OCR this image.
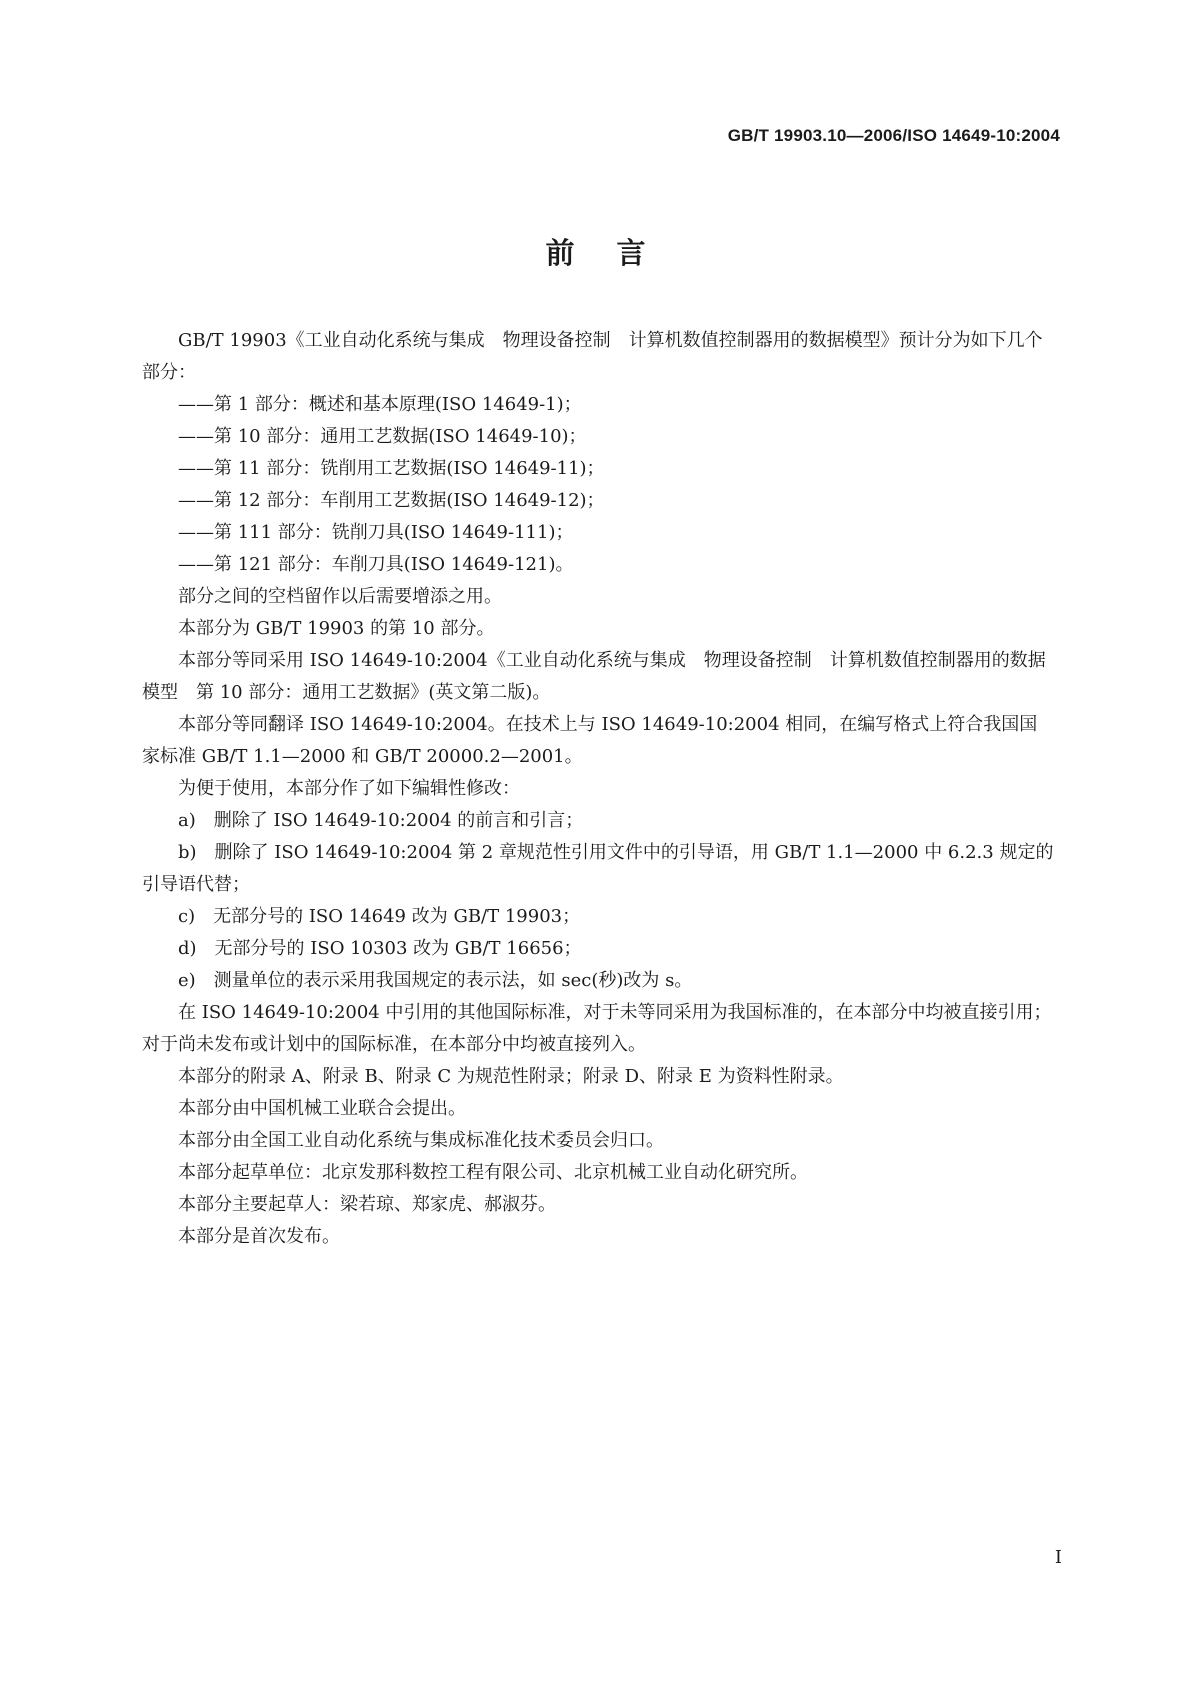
GB/T 19903.10—2006/ISO 14649-10:2004
前言

GB/T 19903《工业自动化系统与集成　物理设备控制　计算机数值控制器用的数据模型》预计分为如下几个部分：

——第 1 部分：概述和基本原理(ISO 14649-1)；

——第 10 部分：通用工艺数据(ISO 14649-10)；

——第 11 部分：铣削用工艺数据(ISO 14649-11)；

——第 12 部分：车削用工艺数据(ISO 14649-12)；

——第 111 部分：铣削刀具(ISO 14649-111)；

——第 121 部分：车削刀具(ISO 14649-121)。

部分之间的空档留作以后需要增添之用。

本部分为 GB/T 19903 的第 10 部分。

本部分等同采用 ISO 14649-10:2004《工业自动化系统与集成　物理设备控制　计算机数值控制器用的数据模型　第 10 部分：通用工艺数据》(英文第二版)。

本部分等同翻译 ISO 14649-10:2004。在技术上与 ISO 14649-10:2004 相同，在编写格式上符合我国国家标准 GB/T 1.1—2000 和 GB/T 20000.2—2001。

为便于使用，本部分作了如下编辑性修改：

a)　删除了 ISO 14649-10:2004 的前言和引言；

b)　删除了 ISO 14649-10:2004 第 2 章规范性引用文件中的引导语，用 GB/T 1.1—2000 中 6.2.3 规定的引导语代替；

c)　无部分号的 ISO 14649 改为 GB/T 19903；

d)　无部分号的 ISO 10303 改为 GB/T 16656；

e)　测量单位的表示采用我国规定的表示法，如 sec(秒)改为 s。

在 ISO 14649-10:2004 中引用的其他国际标准，对于未等同采用为我国标准的，在本部分中均被直接引用；对于尚未发布或计划中的国际标准，在本部分中均被直接列入。

本部分的附录 A、附录 B、附录 C 为规范性附录；附录 D、附录 E 为资料性附录。

本部分由中国机械工业联合会提出。

本部分由全国工业自动化系统与集成标准化技术委员会归口。

本部分起草单位：北京发那科数控工程有限公司、北京机械工业自动化研究所。

本部分主要起草人：梁若琼、郑家虎、郝淑芬。

本部分是首次发布。

I
